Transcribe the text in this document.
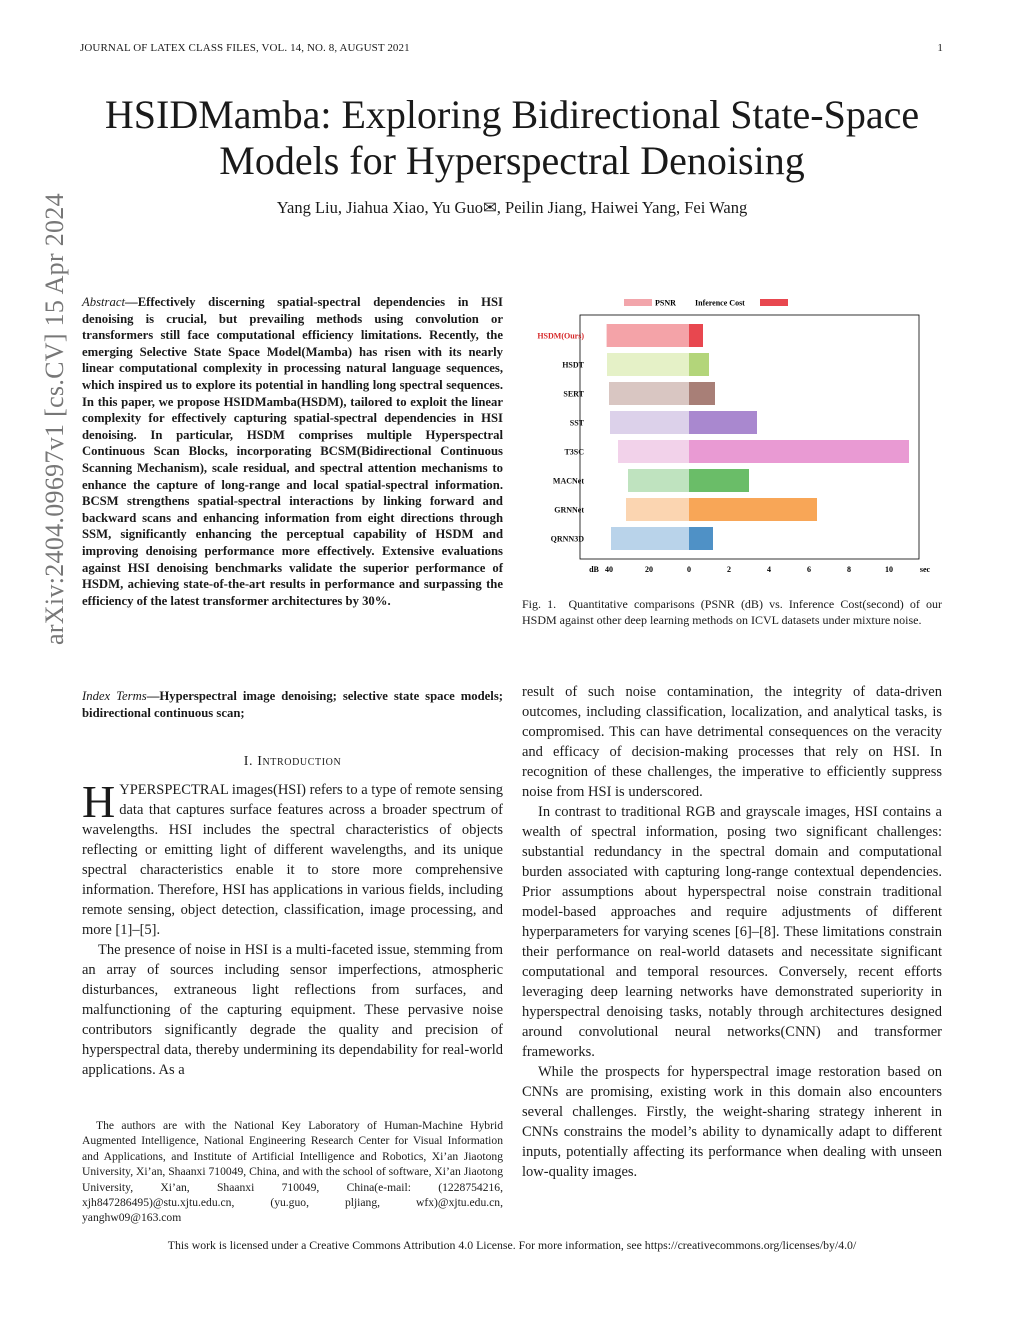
JOURNAL OF LATEX CLASS FILES, VOL. 14, NO. 8, AUGUST 2021	1
HSIDMamba: Exploring Bidirectional State-Space
Models for Hyperspectral Denoising
Yang Liu, Jiahua Xiao, Yu Guo✉, Peilin Jiang, Haiwei Yang, Fei Wang
arXiv:2404.09697v1 [cs.CV] 15 Apr 2024 Abstract—Effectively discerning spatial-spectral dependencies in HSI denoising is crucial, but prevailing methods using convolution or transformers still face computational efficiency limitations. Recently, the emerging Selective State Space Model(Mamba) has risen with its nearly linear computational complexity in processing natural language sequences, which inspired us to explore its potential in handling long spectral sequences. In this paper, we propose HSIDMamba(HSDM), tailored to exploit the linear complexity for effectively capturing spatial-spectral dependencies in HSI denoising. In particular, HSDM comprises multiple Hyperspectral Continuous Scan Blocks, incorporating BCSM(Bidirectional Continuous Scanning Mechanism), scale residual, and spectral attention mechanisms to enhance the capture of long-range and local spatial-spectral information. BCSM strengthens spatial-spectral interactions by linking forward and backward scans and enhancing information from eight directions through SSM, significantly enhancing the perceptual capability of HSDM and improving denoising performance more effectively. Extensive evaluations against HSI denoising benchmarks validate the superior performance of HSDM, achieving state-of-the-art results in performance and surpassing the efficiency of the latest transformer architectures by 30%.
Index Terms—Hyperspectral image denoising; selective state space models; bidirectional continuous scan;
I. Introduction

HYPERSPECTRAL images(HSI) refers to a type of remote sensing data that captures surface features across a broader spectrum of wavelengths. HSI includes the spectral characteristics of objects reflecting or emitting light of different wavelengths, and its unique spectral characteristics enable it to store more comprehensive information. Therefore, HSI has applications in various fields, including remote sensing, object detection, classification, image processing, and more [1]–[5].

The presence of noise in HSI is a multi-faceted issue, stemming from an array of sources including sensor imperfections, atmospheric disturbances, extraneous light reflections from surfaces, and malfunctioning of the capturing equipment. These pervasive noise contributors significantly degrade the quality and precision of hyperspectral data, thereby undermining its dependability for real-world applications. As a

The authors are with the National Key Laboratory of Human-Machine Hybrid Augmented Intelligence, National Engineering Research Center for Visual Information and Applications, and Institute of Artificial Intelligence and Robotics, Xi’an Jiaotong University, Xi’an, Shaanxi 710049, China, and with the school of software, Xi’an Jiaotong University, Xi’an, Shaanxi 710049, China(e-mail: (1228754216, xjh847286495)@stu.xjtu.edu.cn, (yu.guo, pljiang, wfx)@xjtu.edu.cn, yanghw09@163.com

PSNR Inference Cost
HSDM(Ours)
HSDT
SERT
SST
T3SC
MACNet
GRNNet
QRNN3D
dB 40	20	0	2	4	6	8	10	sec
Fig. 1. Quantitative comparisons (PSNR (dB) vs. Inference Cost(second) of our HSDM against other deep learning methods on ICVL datasets under mixture noise.

result of such noise contamination, the integrity of data-driven outcomes, including classification, localization, and analytical tasks, is compromised. This can have detrimental consequences on the veracity and efficacy of decision-making processes that rely on HSI. In recognition of these challenges, the imperative to efficiently suppress noise from HSI is underscored.

In contrast to traditional RGB and grayscale images, HSI contains a wealth of spectral information, posing two significant challenges: substantial redundancy in the spectral domain and computational burden associated with capturing long-range contextual dependencies. Prior assumptions about hyperspectral noise constrain traditional model-based approaches and require adjustments of different hyperparameters for varying scenes [6]–[8]. These limitations constrain their performance on real-world datasets and necessitate significant computational and temporal resources. Conversely, recent efforts leveraging deep learning networks have demonstrated superiority in hyperspectral denoising tasks, notably through architectures designed around convolutional neural networks(CNN) and transformer frameworks.

While the prospects for hyperspectral image restoration based on CNNs are promising, existing work in this domain also encounters several challenges. Firstly, the weight-sharing strategy inherent in CNNs constrains the model’s ability to dynamically adapt to different inputs, potentially affecting its performance when dealing with unseen low-quality images.

This work is licensed under a Creative Commons Attribution 4.0 License. For more information, see https://creativecommons.org/licenses/by/4.0/
